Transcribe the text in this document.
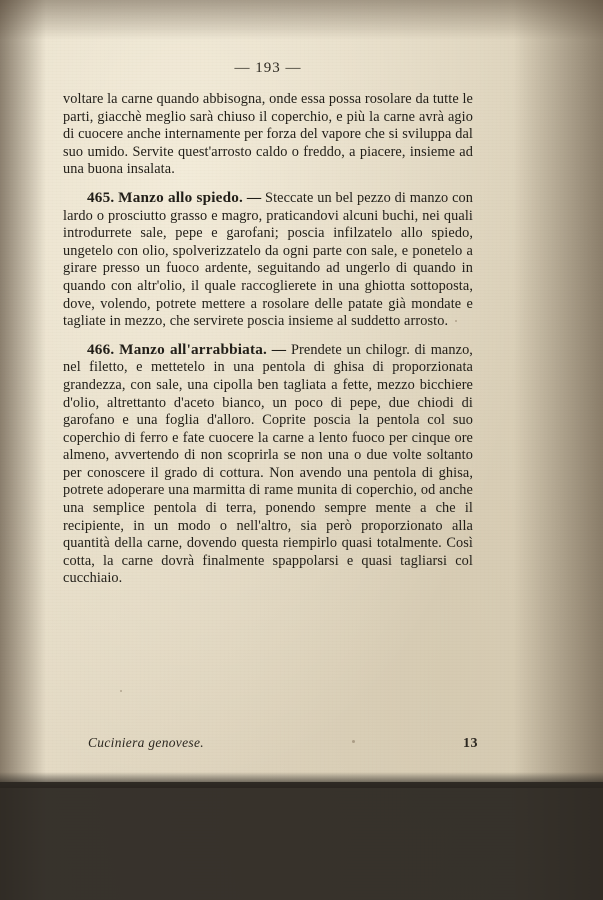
— 193 —

voltare la carne quando abbisogna, onde essa possa rosolare da tutte le parti, giacchè meglio sarà chiuso il coperchio, e più la carne avrà agio di cuocere anche internamente per forza del vapore che si sviluppa dal suo umido. Servite quest'arrosto caldo o freddo, a piacere, insieme ad una buona insalata.

465. Manzo allo spiedo. — Steccate un bel pezzo di manzo con lardo o prosciutto grasso e magro, praticandovi alcuni buchi, nei quali introdurrete sale, pepe e garofani; poscia infilzatelo allo spiedo, ungetelo con olio, spolverizzatelo da ogni parte con sale, e ponetelo a girare presso un fuoco ardente, seguitando ad ungerlo di quando in quando con altr'olio, il quale raccoglierete in una ghiotta sottoposta, dove, volendo, potrete mettere a rosolare delle patate già mondate e tagliate in mezzo, che servirete poscia insieme al suddetto arrosto.

466. Manzo all'arrabbiata. — Prendete un chilogr. di manzo, nel filetto, e mettetelo in una pentola di ghisa di proporzionata grandezza, con sale, una cipolla ben tagliata a fette, mezzo bicchiere d'olio, altrettanto d'aceto bianco, un poco di pepe, due chiodi di garofano e una foglia d'alloro. Coprite poscia la pentola col suo coperchio di ferro e fate cuocere la carne a lento fuoco per cinque ore almeno, avvertendo di non scoprirla se non una o due volte soltanto per conoscere il grado di cottura. Non avendo una pentola di ghisa, potrete adoperare una marmitta di rame munita di coperchio, od anche una semplice pentola di terra, ponendo sempre mente a che il recipiente, in un modo o nell'altro, sia però proporzionato alla quantità della carne, dovendo questa riempirlo quasi totalmente. Così cotta, la carne dovrà finalmente spappolarsi e quasi tagliarsi col cucchiaio.

Cuciniera genovese.	13
